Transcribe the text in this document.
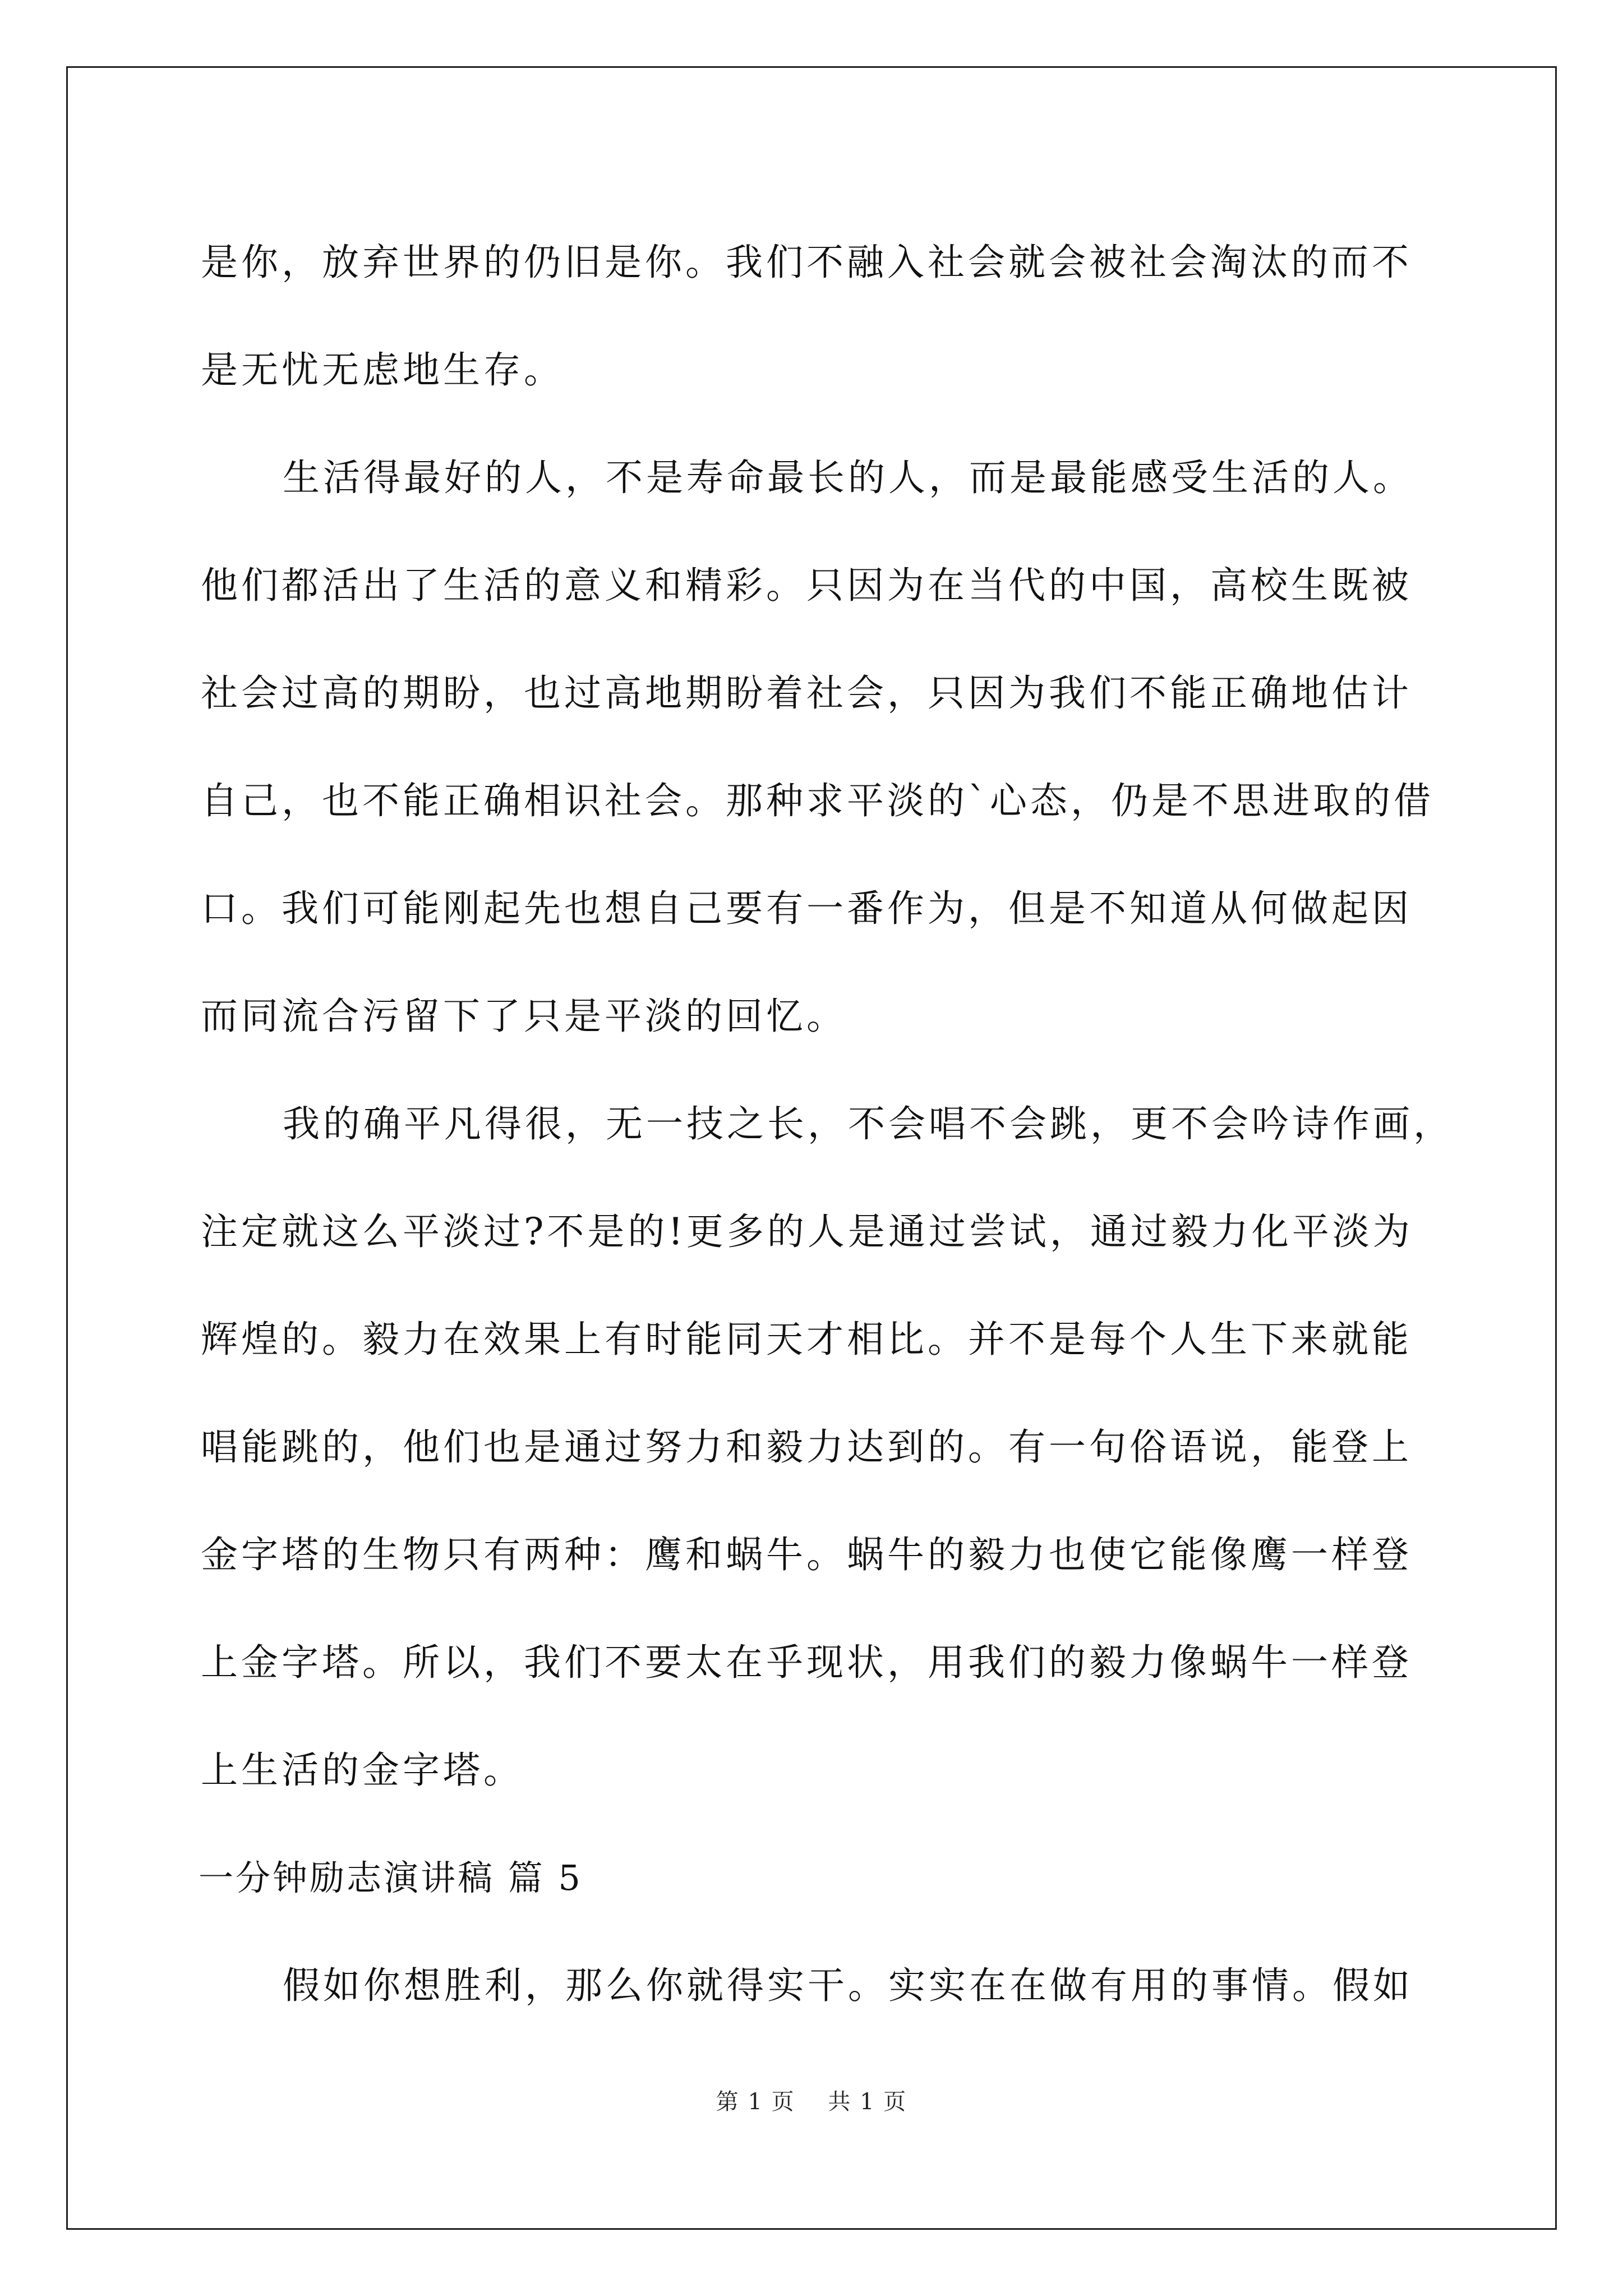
是你，放弃世界的仍旧是你。我们不融入社会就会被社会淘汰的而不
是无忧无虑地生存。
生活得最好的人，不是寿命最长的人，而是最能感受生活的人。
他们都活出了生活的意义和精彩。只因为在当代的中国，高校生既被
社会过高的期盼，也过高地期盼着社会，只因为我们不能正确地估计
自己，也不能正确相识社会。那种求平淡的`心态，仍是不思进取的借
口。我们可能刚起先也想自己要有一番作为，但是不知道从何做起因
而同流合污留下了只是平淡的回忆。
我的确平凡得很，无一技之长，不会唱不会跳，更不会吟诗作画，
注定就这么平淡过?不是的!更多的人是通过尝试，通过毅力化平淡为
辉煌的。毅力在效果上有时能同天才相比。并不是每个人生下来就能
唱能跳的，他们也是通过努力和毅力达到的。有一句俗语说，能登上
金字塔的生物只有两种：鹰和蜗牛。蜗牛的毅力也使它能像鹰一样登
上金字塔。所以，我们不要太在乎现状，用我们的毅力像蜗牛一样登
上生活的金字塔。
一分钟励志演讲稿 篇 5
假如你想胜利，那么你就得实干。实实在在做有用的事情。假如
第 1 页 共 1 页
